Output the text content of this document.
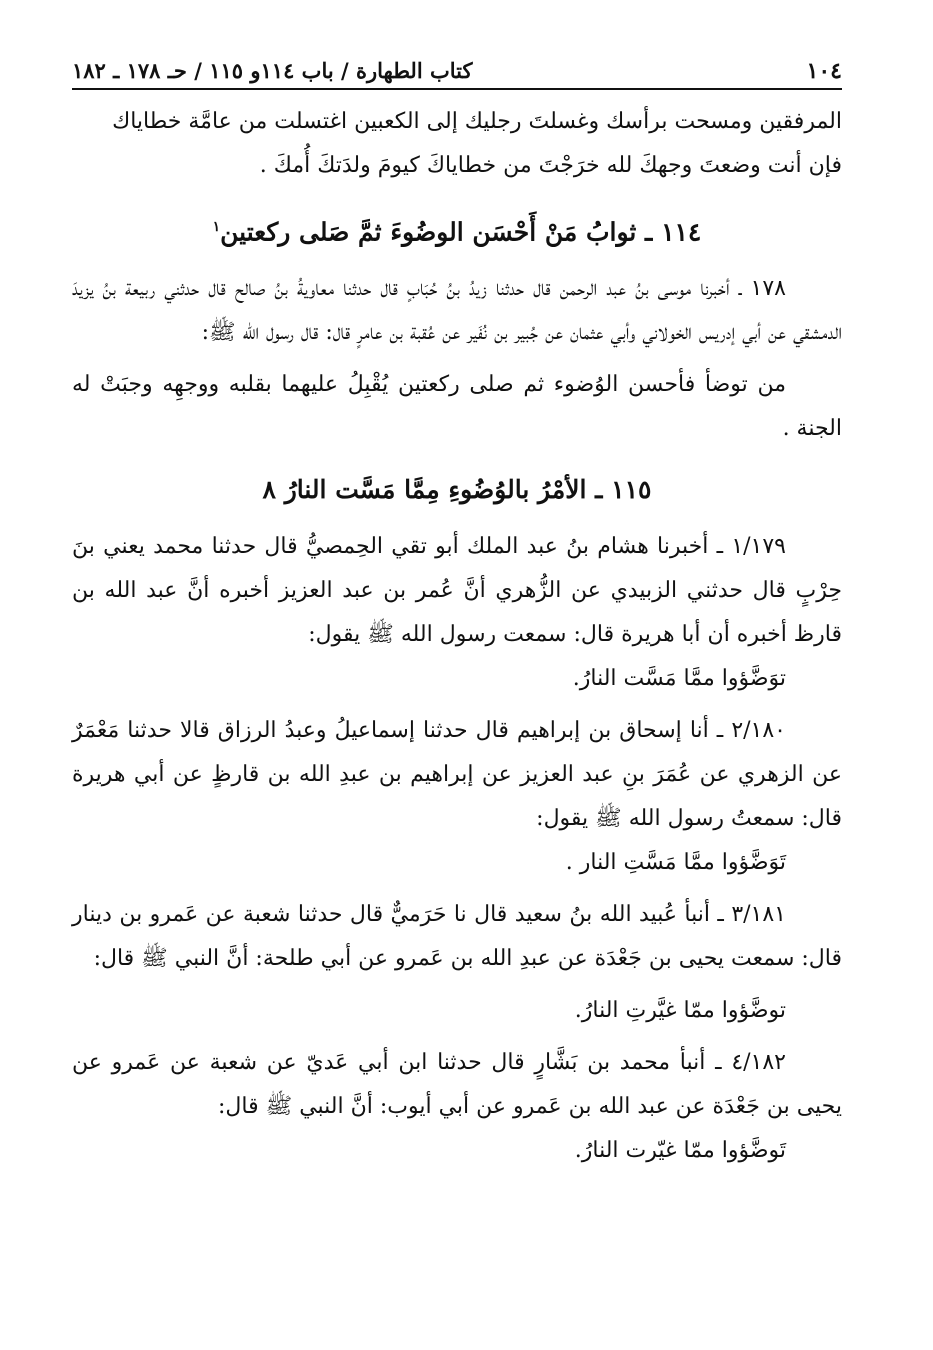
١٠٤
كتاب الطهارة / باب ١١٤و ١١٥ / حـ ١٧٨ ـ ١٨٢

المرفقين ومسحت برأسك وغسلتَ رجليك إلى الكعبين اغتسلت من عامَّة خطاياك
فإن أنت وضعتَ وجهكَ لله خرَجْتَ من خطاياكَ كيومَ ولدَتكَ أُمكَ .

١١٤ ـ ثوابُ مَنْ أَحْسَن الوضُوءَ ثمَّ صَلى ركعتين$^١$

١٧٨ ـ أخبرنا موسى بنُ عبد الرحمن قال حدثنا زيدُ بنُ حُبَابٍ قال حدثنا معاويةُ بنُ صالح قال حدثني ربيعة بنُ يزيدَ الدمشقي عن أبي إدريس الخولاني وأبي عثمان عن جُبير بن نُفَير عن عُقبة بن عامرٍ قال: قال رسول الله ﷺ:

من توضأ فأحسن الوُضوء ثم صلى ركعتين يُقْبِلُ عليهما بقلبه ووجهِه وجبَتْ له الجنة .

١١٥ ـ الأمْرُ بالوُضُوءِ مِمَّا مَسَّت النارُ ٨

١/١٧٩ ـ أخبرنا هشام بنُ عبد الملك أبو تقي الحِمصيُّ قال حدثنا محمد يعني بنَ حِرْبٍ قال حدثني الزبيدي عن الزُّهري أنَّ عُمر بن عبد العزيز أخبره أنَّ عبد الله بن قارظ أخبره أن أبا هريرة قال: سمعت رسول الله ﷺ يقول:

توَضَّؤوا ممَّا مَسَّت النارُ.

٢/١٨٠ ـ أنا إسحاق بن إبراهيم قال حدثنا إسماعيلُ وعبدُ الرزاق قالا حدثنا مَعْمَرٌ عن الزهري عن عُمَرَ بنِ عبد العزيز عن إبراهيم بن عبدِ الله بن قارظٍ عن أبي هريرة قال: سمعتُ رسول الله ﷺ يقول:

تَوَضَّؤوا ممَّا مَسَّتِ النار .

٣/١٨١ ـ أنبأ عُبيد الله بنُ سعيد قال نا حَرَميٌّ قال حدثنا شعبة عن عَمرو بن دينار قال: سمعت يحيى بن جَعْدَة عن عبدِ الله بن عَمرو عن أبي طلحة: أنَّ النبي ﷺ قال:

توضَّؤوا ممّا غيَّرتِ النارُ.

٤/١٨٢ ـ أنبأ محمد بن بَشَّارٍ قال حدثنا ابن أبي عَديّ عن شعبة عن عَمرو عن يحيى بن جَعْدَة عن عبد الله بن عَمرو عن أبي أيوب: أنَّ النبي ﷺ قال:

تَوضَّؤوا ممّا غيّرت النارُ.
